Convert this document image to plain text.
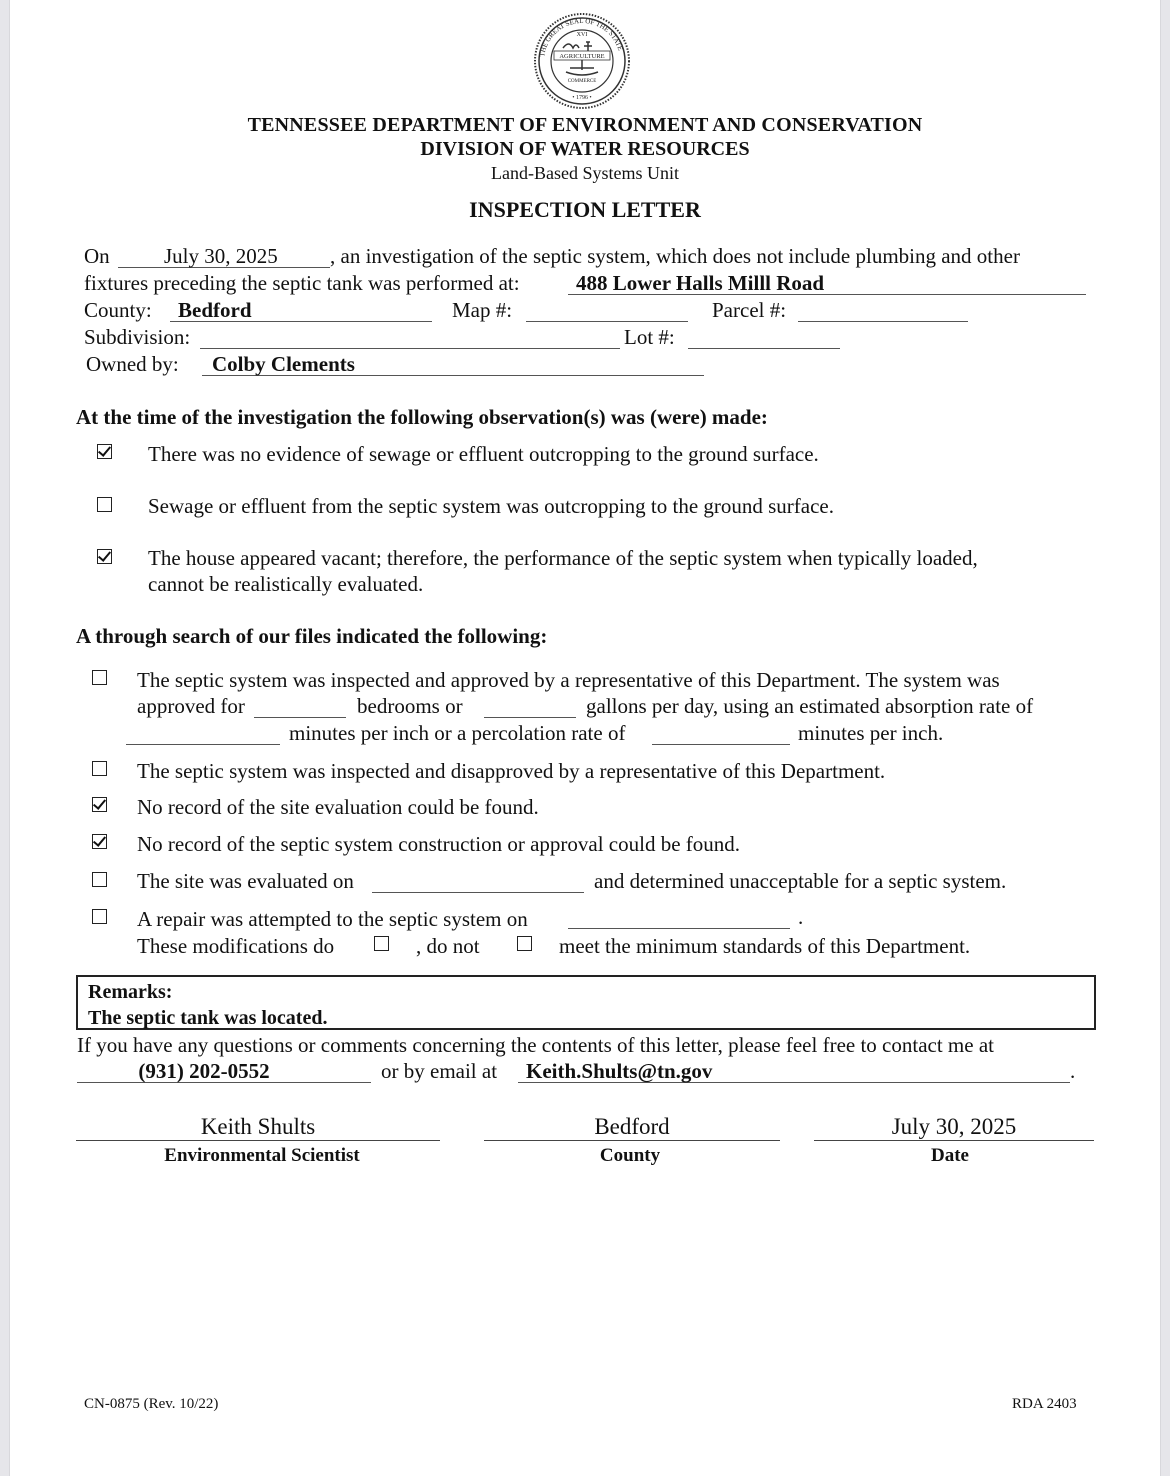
XVI
AGRICULTURE
COMMERCE
• 1796 •
THE GREAT SEAL OF THE STATE
TENNESSEE DEPARTMENT OF ENVIRONMENT AND CONSERVATION
DIVISION OF WATER RESOURCES
Land-Based Systems Unit
INSPECTION LETTER
On	July 30, 2025	, an investigation of the septic system, which does not include plumbing and other
fixtures preceding the septic tank was performed at:	488 Lower Halls Milll Road
County:	Bedford	Map #:	Parcel #:
Subdivision:	Lot #:
Owned by:	Colby Clements
At the time of the investigation the following observation(s) was (were) made:
There was no evidence of sewage or effluent outcropping to the ground surface.
Sewage or effluent from the septic system was outcropping to the ground surface.
The house appeared vacant; therefore, the performance of the septic system when typically loaded,
cannot be realistically evaluated.
A through search of our files indicated the following:
The septic system was inspected and approved by a representative of this Department. The system was
approved for	bedrooms or	gallons per day, using an estimated absorption rate of
minutes per inch or a percolation rate of	minutes per inch.
The septic system was inspected and disapproved by a representative of this Department.
No record of the site evaluation could be found.
No record of the septic system construction or approval could be found.
The site was evaluated on	and determined unacceptable for a septic system.
A repair was attempted to the septic system on	.
These modifications do	, do not	meet the minimum standards of this Department.
Remarks:
The septic tank was located.
If you have any questions or comments concerning the contents of this letter, please feel free to contact me at
(931) 202-0552	or by email at	Keith.Shults@tn.gov	.
Keith Shults
Environmental Scientist
Bedford
County
July 30, 2025
Date
CN-0875 (Rev. 10/22)	RDA 2403
